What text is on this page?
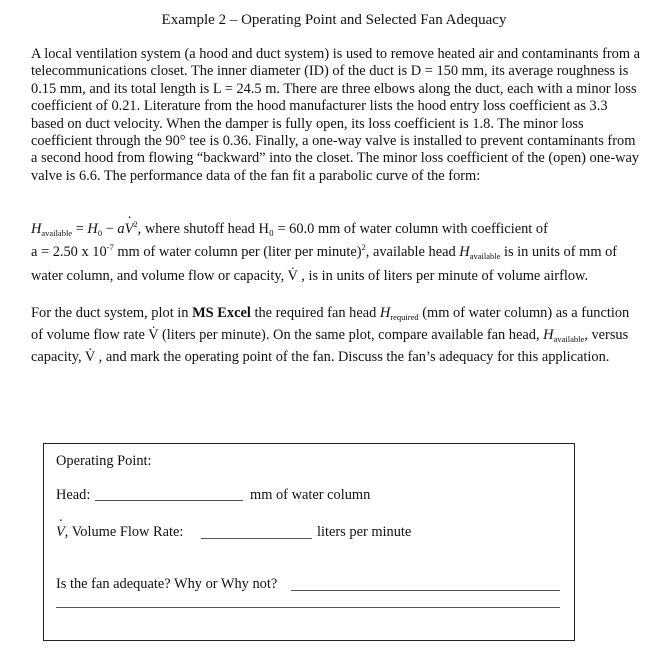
Example 2 – Operating Point and Selected Fan Adequacy

A local ventilation system (a hood and duct system) is used to remove heated air and contaminants from a telecommunications closet. The inner diameter (ID) of the duct is D = 150 mm, its average roughness is 0.15 mm, and its total length is L = 24.5 m. There are three elbows along the duct, each with a minor loss coefficient of 0.21. Literature from the hood manufacturer lists the hood entry loss coefficient as 3.3 based on duct velocity. When the damper is fully open, its loss coefficient is 1.8. The minor loss coefficient through the 90° tee is 0.36. Finally, a one-way valve is installed to prevent contaminants from a second hood from flowing “backward” into the closet. The minor loss coefficient of the (open) one-way valve is 6.6. The performance data of the fan fit a parabolic curve of the form:

$H_{available} = H_0$ − aV ·$^2$, where shutoff head H₀ = 60.0 mm of water column with coefficient of
a = 2.50 x $10^{-7}$ mm of water column per (liter per minute)$^2$, available head $H_{available}$ is in units of mm of
water column, and volume flow or capacity, V̇ , is in units of liters per minute of volume airflow.

For the duct system, plot in MS Excel the required fan head $H_{required}$ (mm of water column) as a function of volume flow rate V̇ (liters per minute). On the same plot, compare available fan head, $H_{available}$, versus capacity, V̇ , and mark the operating point of the fan. Discuss the fan’s adequacy for this application.

Operating Point:
Head:	mm of water column
V ·, Volume Flow Rate:	liters per minute
Is the fan adequate? Why or Why not?
